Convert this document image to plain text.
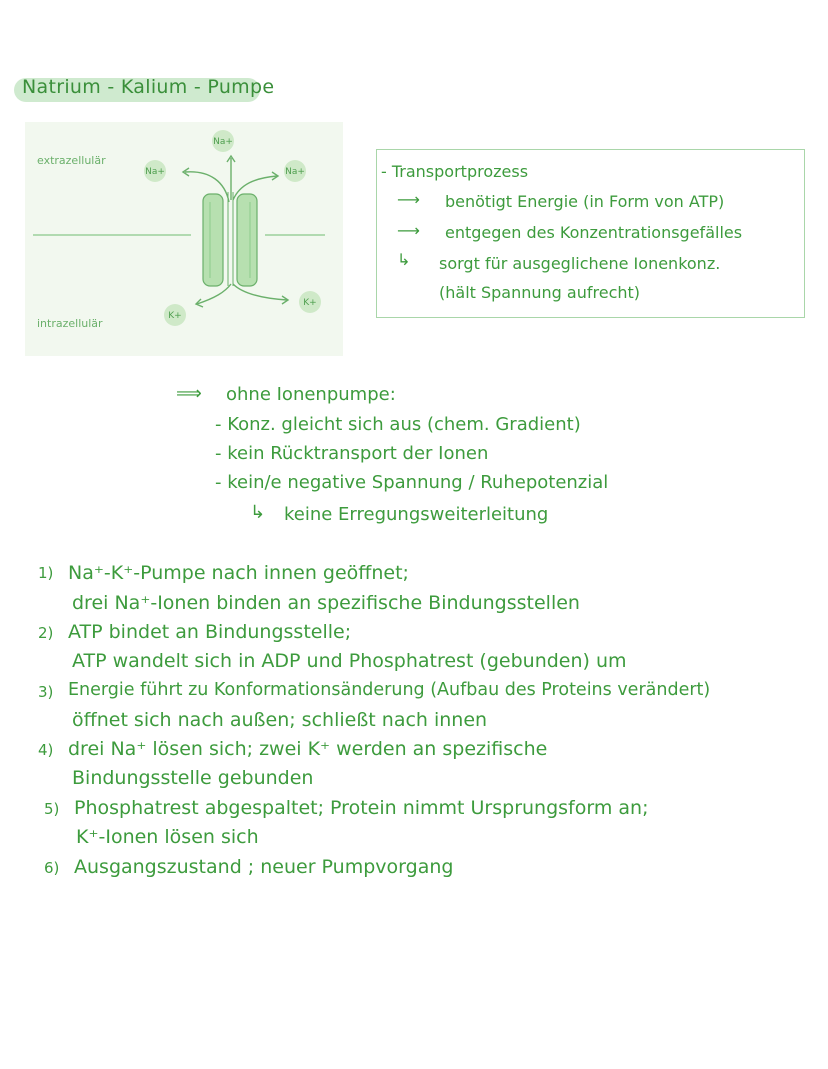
Natrium - Kalium - Pumpe
Na+
Na+	Na+
K+
K+
extrazellulär
intrazellulär
- Transportprozess
⟶ benötigt Energie (in Form von ATP)
⟶ entgegen des Konzentrationsgefälles
↳ sorgt für ausgeglichene Ionenkonz.
(hält Spannung aufrecht)
⟹ ohne Ionenpumpe:
- Konz. gleicht sich aus (chem. Gradient)
- kein Rücktransport der Ionen
- kein/e negative Spannung / Ruhepotenzial
↳ keine Erregungsweiterleitung
1) Na⁺-K⁺-Pumpe nach innen geöffnet;
drei Na⁺-Ionen binden an spezifische Bindungsstellen
2) ATP bindet an Bindungsstelle;
ATP wandelt sich in ADP und Phosphatrest (gebunden) um
3) Energie führt zu Konformationsänderung (Aufbau des Proteins verändert)
öffnet sich nach außen; schließt nach innen
4) drei Na⁺ lösen sich; zwei K⁺ werden an spezifische
Bindungsstelle gebunden
5) Phosphatrest abgespaltet; Protein nimmt Ursprungsform an;
K⁺-Ionen lösen sich
6) Ausgangszustand ; neuer Pumpvorgang
